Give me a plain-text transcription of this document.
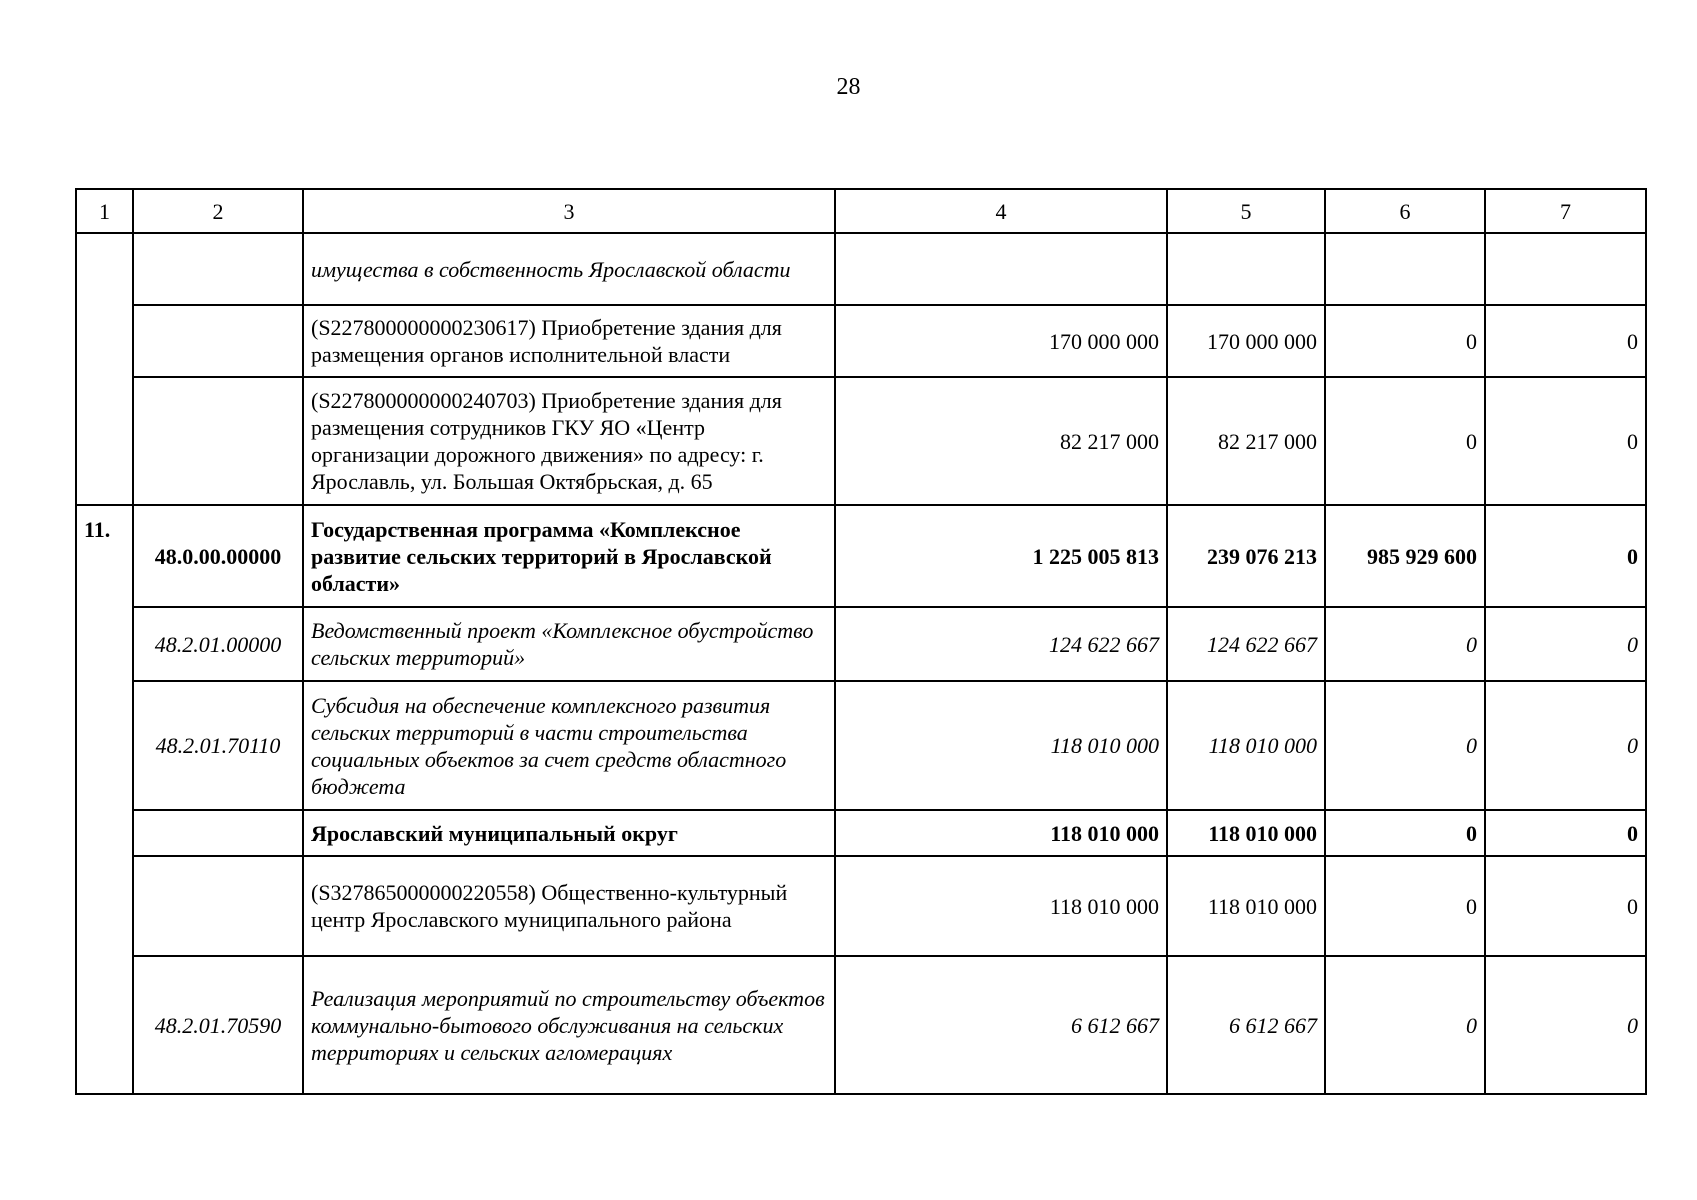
28
1	2	3	4	5	6	7
		имущества в собственность Ярославской области				
		(S227800000000230617) Приобретение здания для размещения органов исполнительной власти	170 000 000	170 000 000	0	0
		(S227800000000240703) Приобретение здания для размещения сотрудников ГКУ ЯО «Центр организации дорожного движения» по адресу: г. Ярославль, ул. Большая Октябрьская, д. 65	82 217 000	82 217 000	0	0
11.	48.0.00.00000	Государственная программа «Комплексное развитие сельских территорий в Ярославской области»	1 225 005 813	239 076 213	985 929 600	0
	48.2.01.00000	Ведомственный проект «Комплексное обустройство сельских территорий»	124 622 667	124 622 667	0	0
	48.2.01.70110	Субсидия на обеспечение комплексного развития сельских территорий в части строительства социальных объектов за счет средств областного бюджета	118 010 000	118 010 000	0	0
		Ярославский муниципальный округ	118 010 000	118 010 000	0	0
		(S327865000000220558) Общественно-культурный центр Ярославского муниципального района	118 010 000	118 010 000	0	0
	48.2.01.70590	Реализация мероприятий по строительству объектов коммунально-бытового обслуживания на сельских территориях и сельских агломерациях	6 612 667	6 612 667	0	0
